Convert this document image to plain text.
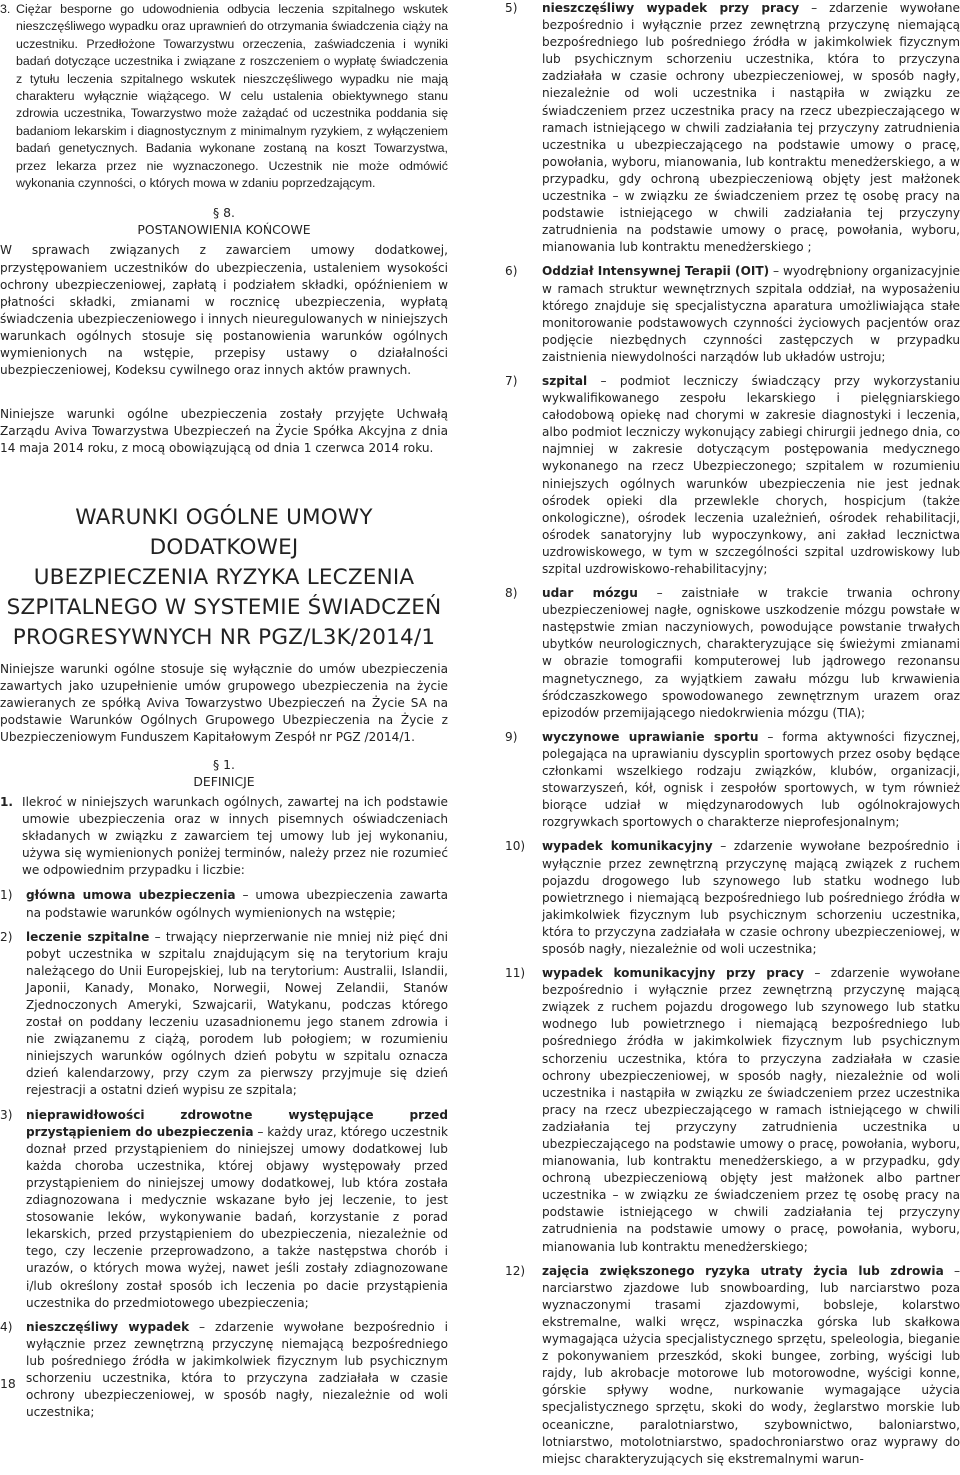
3. Ciężar besporne go udowodnienia odbycia leczenia szpitalnego wskutek nieszczęśliwego wypadku oraz uprawnień do otrzymania świadczenia ciąży na uczestniku. Przedłożone Towarzystwu orzeczenia, zaświadczenia i wyniki badań dotyczące uczestnika i związane z roszczeniem o wypłatę świadczenia z tytułu leczenia szpitalnego wskutek nieszczęśliwego wypadku nie mają charakteru wyłącznie wiążącego. W celu ustalenia obiektywnego stanu zdrowia uczestnika, Towarzystwo może zażądać od uczestnika poddania się badaniom lekarskim i diagnostycznym z minimalnym ryzykiem, z wyłączeniem badań genetycznych. Badania wykonane zostaną na koszt Towarzystwa, przez lekarza przez nie wyznaczonego. Uczestnik nie może odmówić wykonania czynności, o których mowa w zdaniu poprzedzającym.
§ 8.
POSTANOWIENIA KOŃCOWE

W sprawach związanych z zawarciem umowy dodatkowej, przystępowaniem uczestników do ubezpieczenia, ustaleniem wysokości ochrony ubezpieczeniowej, zapłatą i podziałem składki, opóźnieniem w płatności składki, zmianami w rocznicę ubezpieczenia, wypłatą świadczenia ubezpieczeniowego i innych nieuregulowanych w niniejszych warunkach ogólnych stosuje się postanowienia warunków ogólnych wymienionych na wstępie, przepisy ustawy o działalności ubezpieczeniowej, Kodeksu cywilnego oraz innych aktów prawnych.

Niniejsze warunki ogólne ubezpieczenia zostały przyjęte Uchwałą Zarządu Aviva Towarzystwa Ubezpieczeń na Życie Spółka Akcyjna z dnia 14 maja 2014 roku, z mocą obowiązującą od dnia 1 czerwca 2014 roku.

WARUNKI OGÓLNE UMOWY DODATKOWEJ
UBEZPIECZENIA RYZYKA LECZENIA
SZPITALNEGO W SYSTEMIE ŚWIADCZEŃ
PROGRESYWNYCH NR PGZ/L3K/2014/1

Niniejsze warunki ogólne stosuje się wyłącznie do umów ubezpieczenia zawartych jako uzupełnienie umów grupowego ubezpieczenia na życie zawieranych ze spółką Aviva Towarzystwo Ubezpieczeń na Życie SA na podstawie Warunków Ogólnych Grupowego Ubezpieczenia na Życie z Ubezpieczeniowym Funduszem Kapitałowym Zespół nr PGZ /2014/1.

§ 1.
DEFINICJE
1. Ilekroć w niniejszych warunkach ogólnych, zawartej na ich podstawie umowie ubezpieczenia oraz w innych pisemnych oświadczeniach składanych w związku z zawarciem tej umowy lub jej wykonaniu, używa się wymienionych poniżej terminów, należy przez nie rozumieć we odpowiednim przypadku i liczbie:
1)	główna umowa ubezpieczenia – umowa ubezpieczenia zawarta na podstawie warunków ogólnych wymienionych na wstępie;
2)	leczenie szpitalne – trwający nieprzerwanie nie mniej niż pięć dni pobyt uczestnika w szpitalu znajdującym się na terytorium kraju należącego do Unii Europejskiej, lub na terytorium: Australii, Islandii, Japonii, Kanady, Monako, Norwegii, Nowej Zelandii, Stanów Zjednoczonych Ameryki, Szwajcarii, Watykanu, podczas którego został on poddany leczeniu uzasadnionemu jego stanem zdrowia i nie związanemu z ciążą, porodem lub połogiem; w rozumieniu niniejszych warunków ogólnych dzień pobytu w szpitalu oznacza dzień kalendarzowy, przy czym za pierwszy przyjmuje się dzień rejestracji a ostatni dzień wypisu ze szpitala;
3)	nieprawidłowości zdrowotne występujące przed przystąpieniem do ubezpieczenia – każdy uraz, którego uczestnik doznał przed przystąpieniem do niniejszej umowy dodatkowej lub każda choroba uczestnika, której objawy występowały przed przystąpieniem do niniejszej umowy dodatkowej, lub która została zdiagnozowana i medycznie wskazane było jej leczenie, to jest stosowanie leków, wykonywanie badań, korzystanie z porad lekarskich, przed przystąpieniem do ubezpieczenia, niezależnie od tego, czy leczenie przeprowadzono, a także następstwa chorób i urazów, o których mowa wyżej, nawet jeśli zostały zdiagnozowane i/lub określony został sposób ich leczenia po dacie przystąpienia uczestnika do przedmiotowego ubezpieczenia;
4)	nieszczęśliwy wypadek – zdarzenie wywołane bezpośrednio i wyłącznie przez zewnętrzną przyczynę niemającą bezpośredniego lub pośredniego źródła w jakimkolwiek fizycznym lub psychicznym schorzeniu uczestnika, która to przyczyna zadziałała w czasie ochrony ubezpieczeniowej, w sposób nagły, niezależnie od woli uczestnika;
5)	nieszczęśliwy wypadek przy pracy – zdarzenie wywołane bezpośrednio i wyłącznie przez zewnętrzną przyczynę niemającą bezpośredniego lub pośredniego źródła w jakimkolwiek fizycznym lub psychicznym schorzeniu uczestnika, która to przyczyna zadziałała w czasie ochrony ubezpieczeniowej, w sposób nagły, niezależnie od woli uczestnika i nastąpiła w związku ze świadczeniem przez uczestnika pracy na rzecz ubezpieczającego w ramach istniejącego w chwili zadziałania tej przyczyny zatrudnienia uczestnika u ubezpieczającego na podstawie umowy o pracę, powołania, wyboru, mianowania, lub kontraktu menedżerskiego, a w przypadku, gdy ochroną ubezpieczeniową objęty jest małżonek uczestnika – w związku ze świadczeniem przez tę osobę pracy na podstawie istniejącego w chwili zadziałania tej przyczyny zatrudnienia na podstawie umowy o pracę, powołania, wyboru, mianowania lub kontraktu menedżerskiego ;
6)	Oddział Intensywnej Terapii (OIT) – wyodrębniony organizacyjnie w ramach struktur wewnętrznych szpitala oddział, na wyposażeniu którego znajduje się specjalistyczna aparatura umożliwiająca stałe monitorowanie podstawowych czynności życiowych pacjentów oraz podjęcie niezbędnych czynności zastępczych w przypadku zaistnienia niewydolności narządów lub układów ustroju;
7)	szpital – podmiot leczniczy świadczący przy wykorzystaniu wykwalifikowanego zespołu lekarskiego i pielęgniarskiego całodobową opiekę nad chorymi w zakresie diagnostyki i leczenia, albo podmiot leczniczy wykonujący zabiegi chirurgii jednego dnia, co najmniej w zakresie dotyczącym postępowania medycznego wykonanego na rzecz Ubezpieczonego; szpitalem w rozumieniu niniejszych ogólnych warunków ubezpieczenia nie jest jednak ośrodek opieki dla przewlekle chorych, hospicjum (także onkologiczne), ośrodek leczenia uzależnień, ośrodek rehabilitacji, ośrodek sanatoryjny lub wypoczynkowy, ani zakład lecznictwa uzdrowiskowego, w tym w szczególności szpital uzdrowiskowy lub szpital uzdrowiskowo-rehabilitacyjny;
8)	udar mózgu – zaistniałe w trakcie trwania ochrony ubezpieczeniowej nagłe, ogniskowe uszkodzenie mózgu powstałe w następstwie zmian naczyniowych, powodujące powstanie trwałych ubytków neurologicznych, charakteryzujące się świeżymi zmianami w obrazie tomografii komputerowej lub jądrowego rezonansu magnetycznego, za wyjątkiem zawału mózgu lub krwawienia śródczaszkowego spowodowanego zewnętrznym urazem oraz epizodów przemijającego niedokrwienia mózgu (TIA);
9)	wyczynowe uprawianie sportu – forma aktywności fizycznej, polegająca na uprawianiu dyscyplin sportowych przez osoby będące członkami wszelkiego rodzaju związków, klubów, organizacji, stowarzyszeń, kół, ognisk i zespołów sportowych, w tym również biorące udział w międzynarodowych lub ogólnokrajowych rozgrywkach sportowych o charakterze nieprofesjonalnym;
10)	wypadek komunikacyjny – zdarzenie wywołane bezpośrednio i wyłącznie przez zewnętrzną przyczynę mającą związek z ruchem pojazdu drogowego lub szynowego lub statku wodnego lub powietrznego i niemającą bezpośredniego lub pośredniego źródła w jakimkolwiek fizycznym lub psychicznym schorzeniu uczestnika, która to przyczyna zadziałała w czasie ochrony ubezpieczeniowej, w sposób nagły, niezależnie od woli uczestnika;
11)	wypadek komunikacyjny przy pracy – zdarzenie wywołane bezpośrednio i wyłącznie przez zewnętrzną przyczynę mającą związek z ruchem pojazdu drogowego lub szynowego lub statku wodnego lub powietrznego i niemającą bezpośredniego lub pośredniego źródła w jakimkolwiek fizycznym lub psychicznym schorzeniu uczestnika, która to przyczyna zadziałała w czasie ochrony ubezpieczeniowej, w sposób nagły, niezależnie od woli uczestnika i nastąpiła w związku ze świadczeniem przez uczestnika pracy na rzecz ubezpieczającego w ramach istniejącego w chwili zadziałania tej przyczyny zatrudnienia uczestnika u ubezpieczającego na podstawie umowy o pracę, powołania, wyboru, mianowania, lub kontraktu menedżerskiego, a w przypadku, gdy ochroną ubezpieczeniową objęty jest małżonek albo partner uczestnika – w związku ze świadczeniem przez tę osobę pracy na podstawie istniejącego w chwili zadziałania tej przyczyny zatrudnienia na podstawie umowy o pracę, powołania, wyboru, mianowania lub kontraktu menedżerskiego;
12)	zajęcia zwiększonego ryzyka utraty życia lub zdrowia – narciarstwo zjazdowe lub snowboarding, lub narciarstwo poza wyznaczonymi trasami zjazdowymi, bobsleje, kolarstwo ekstremalne, walki wręcz, wspinaczka górska lub skałkowa wymagająca użycia specjalistycznego sprzętu, speleologia, bieganie z pokonywaniem przeszkód, skoki bungee, zorbing, wyścigi lub rajdy, lub akrobacje motorowe lub motorowodne, wyścigi konne, górskie spływy wodne, nurkowanie wymagające użycia specjalistycznego sprzętu, skoki do wody, żeglarstwo morskie lub oceaniczne, paralotniarstwo, szybownictwo, baloniarstwo, lotniarstwo, motolotniarstwo, spadochroniarstwo oraz wyprawy do miejsc charakteryzujących się ekstremalnymi warun-
18
